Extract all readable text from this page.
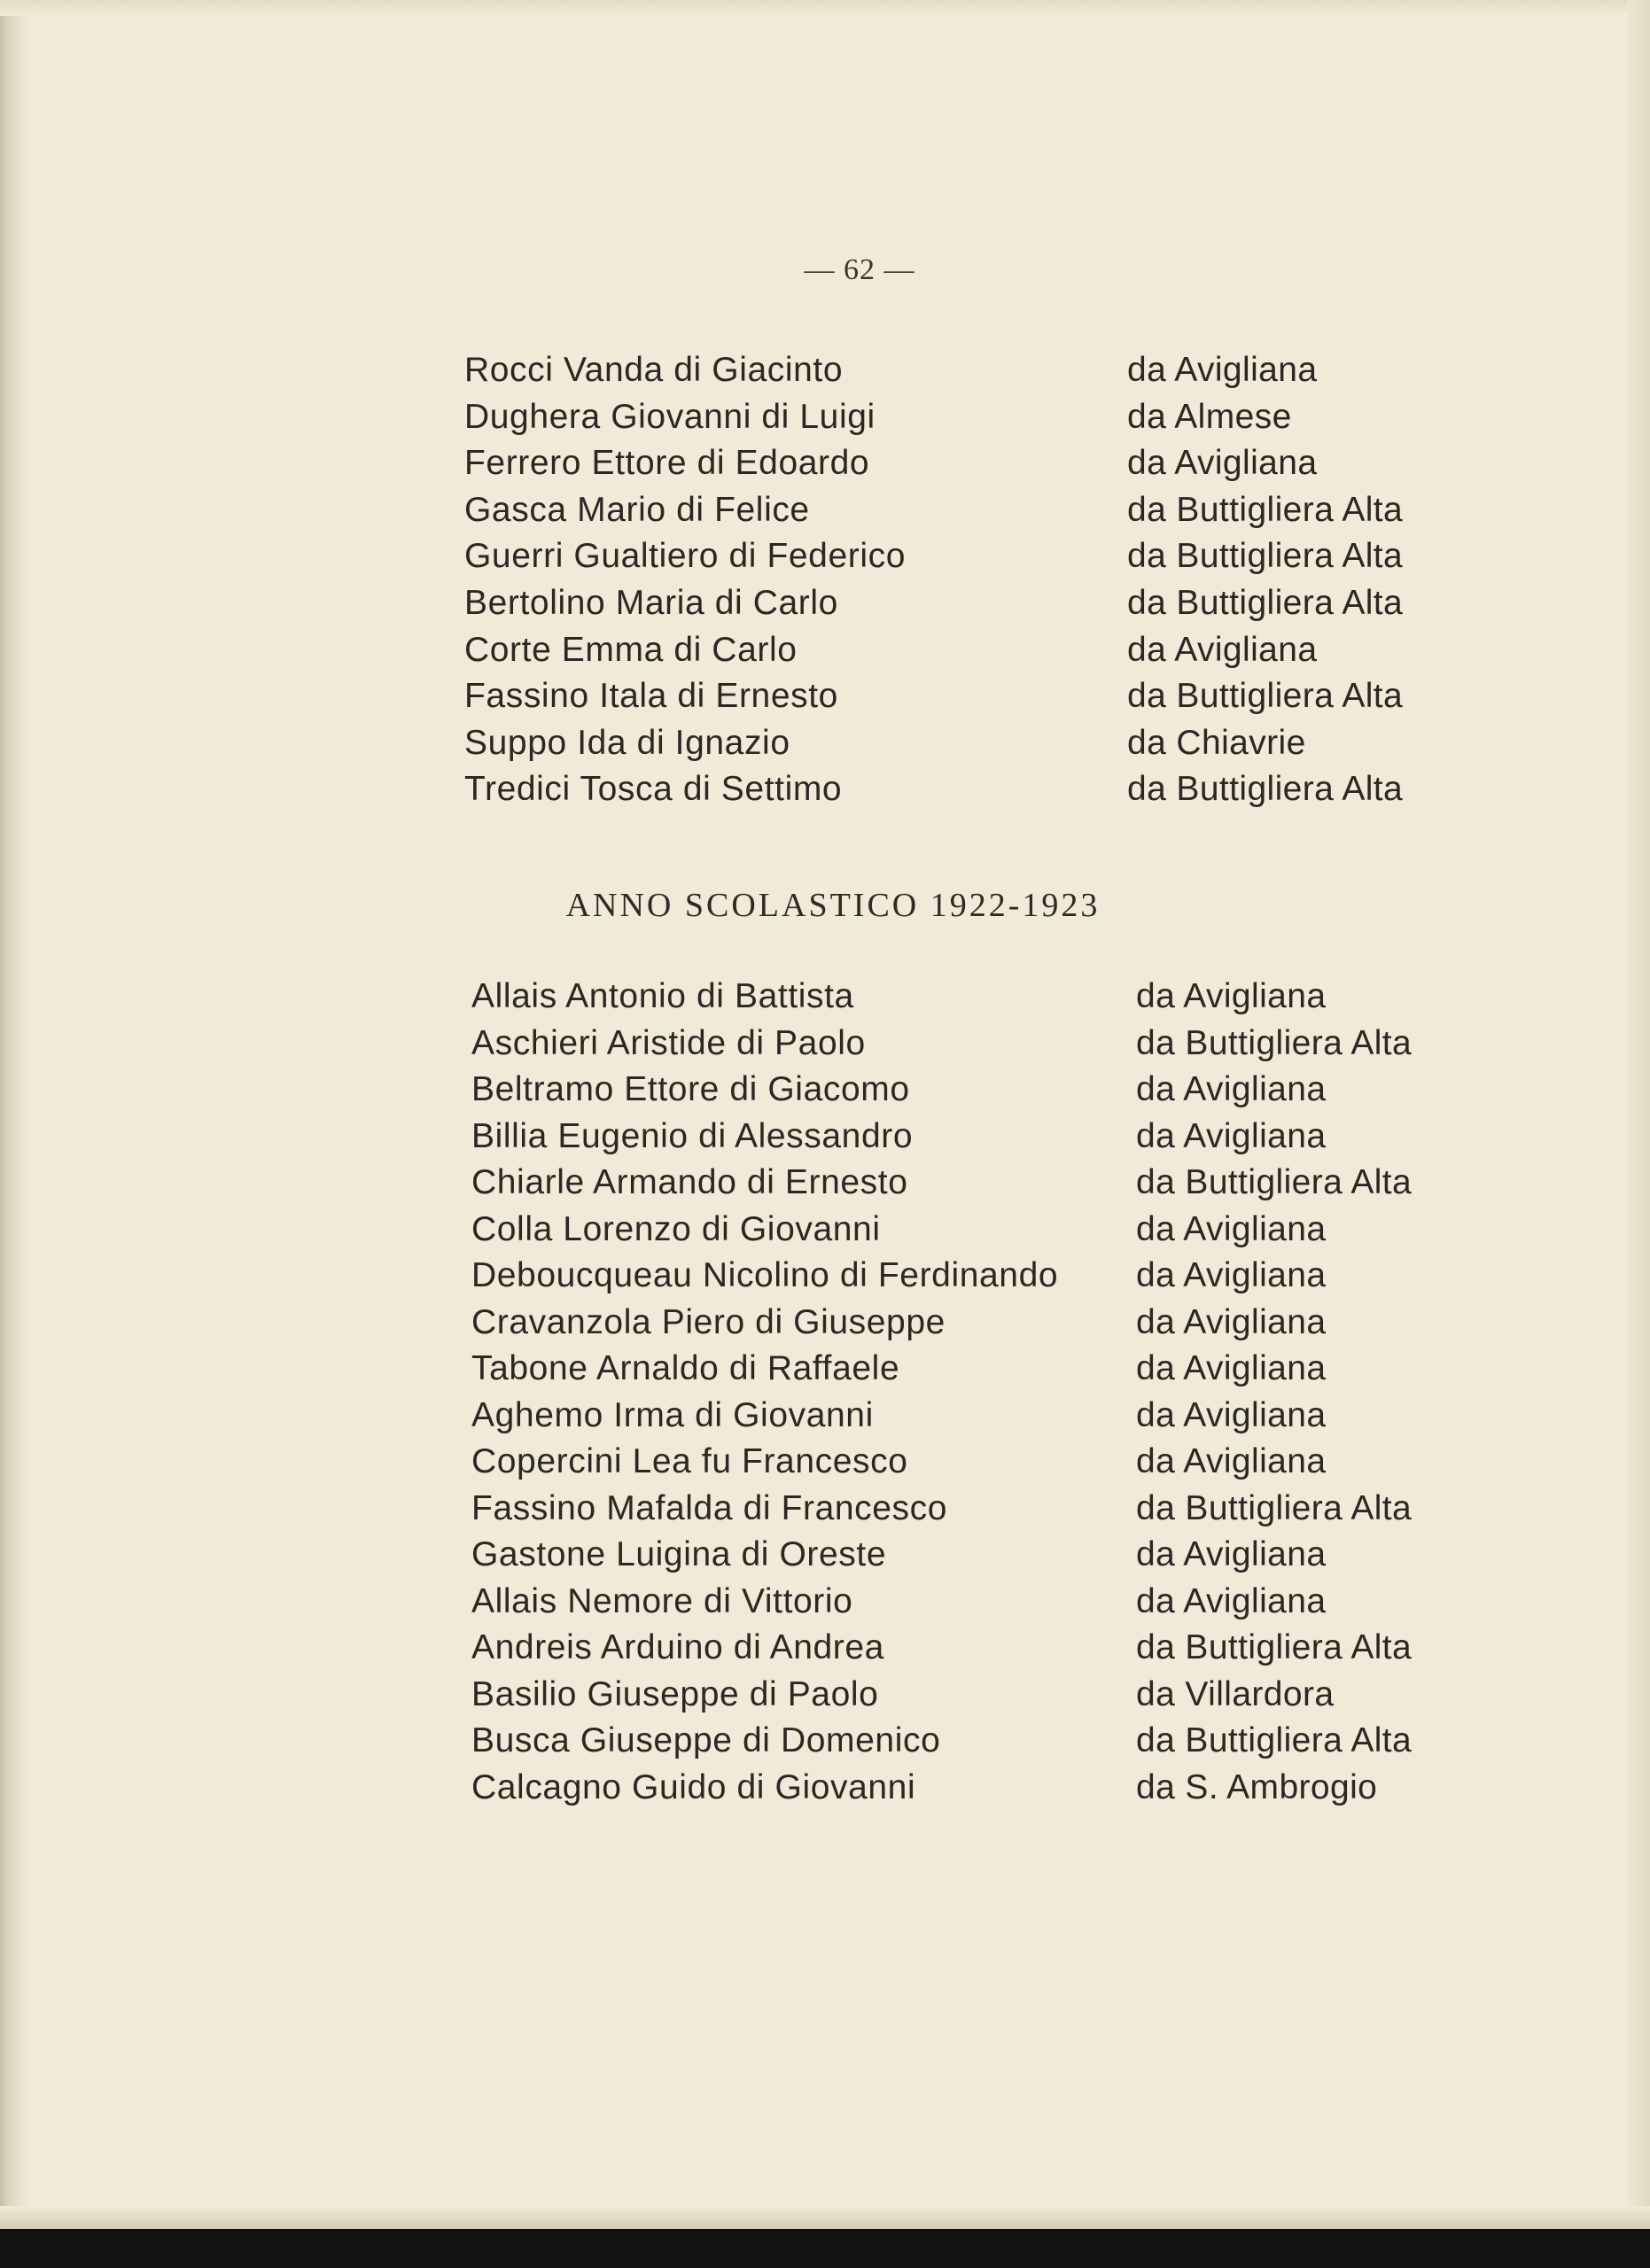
— 62 —
Rocci Vanda di Giacinto	da Avigliana
Dughera Giovanni di Luigi	da Almese
Ferrero Ettore di Edoardo	da Avigliana
Gasca Mario di Felice	da Buttigliera Alta
Guerri Gualtiero di Federico	da Buttigliera Alta
Bertolino Maria di Carlo	da Buttigliera Alta
Corte Emma di Carlo	da Avigliana
Fassino Itala di Ernesto	da Buttigliera Alta
Suppo Ida di Ignazio	da Chiavrie
Tredici Tosca di Settimo	da Buttigliera Alta
ANNO SCOLASTICO 1922-1923
Allais Antonio di Battista	da Avigliana
Aschieri Aristide di Paolo	da Buttigliera Alta
Beltramo Ettore di Giacomo	da Avigliana
Billia Eugenio di Alessandro	da Avigliana
Chiarle Armando di Ernesto	da Buttigliera Alta
Colla Lorenzo di Giovanni	da Avigliana
Deboucqueau Nicolino di Ferdinando da Avigliana
Cravanzola Piero di Giuseppe	da Avigliana
Tabone Arnaldo di Raffaele	da Avigliana
Aghemo Irma di Giovanni	da Avigliana
Copercini Lea fu Francesco	da Avigliana
Fassino Mafalda di Francesco	da Buttigliera Alta
Gastone Luigina di Oreste	da Avigliana
Allais Nemore di Vittorio	da Avigliana
Andreis Arduino di Andrea	da Buttigliera Alta
Basilio Giuseppe di Paolo	da Villardora
Busca Giuseppe di Domenico	da Buttigliera Alta
Calcagno Guido di Giovanni	da S. Ambrogio
